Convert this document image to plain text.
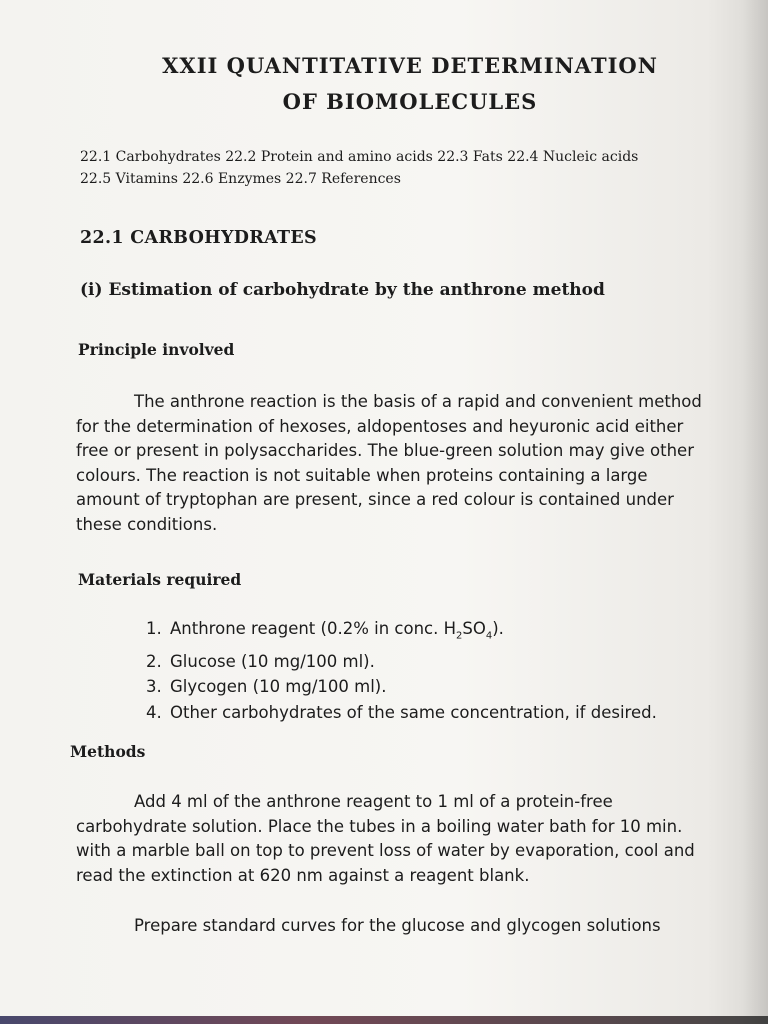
XXII QUANTITATIVE DETERMINATION
OF BIOMOLECULES

22.1 Carbohydrates 22.2 Protein and amino acids 22.3 Fats 22.4 Nucleic acids
22.5 Vitamins 22.6 Enzymes 22.7 References

22.1 CARBOHYDRATES
(i) Estimation of carbohydrate by the anthrone method
Principle involved

The anthrone reaction is the basis of a rapid and convenient method for the determination of hexoses, aldopentoses and heyuronic acid either free or present in polysaccharides. The blue-green solution may give other colours. The reaction is not suitable when proteins containing a large amount of tryptophan are present, since a red colour is contained under these conditions.

Materials required
1. Anthrone reagent (0.2% in conc. $H_2SO_4$).
2. Glucose (10 mg/100 ml).
3. Glycogen (10 mg/100 ml).
4. Other carbohydrates of the same concentration, if desired.
Methods

Add 4 ml of the anthrone reagent to 1 ml of a protein-free carbohydrate solution. Place the tubes in a boiling water bath for 10 min. with a marble ball on top to prevent loss of water by evaporation, cool and read the extinction at 620 nm against a reagent blank.

Prepare standard curves for the glucose and glycogen solutions
